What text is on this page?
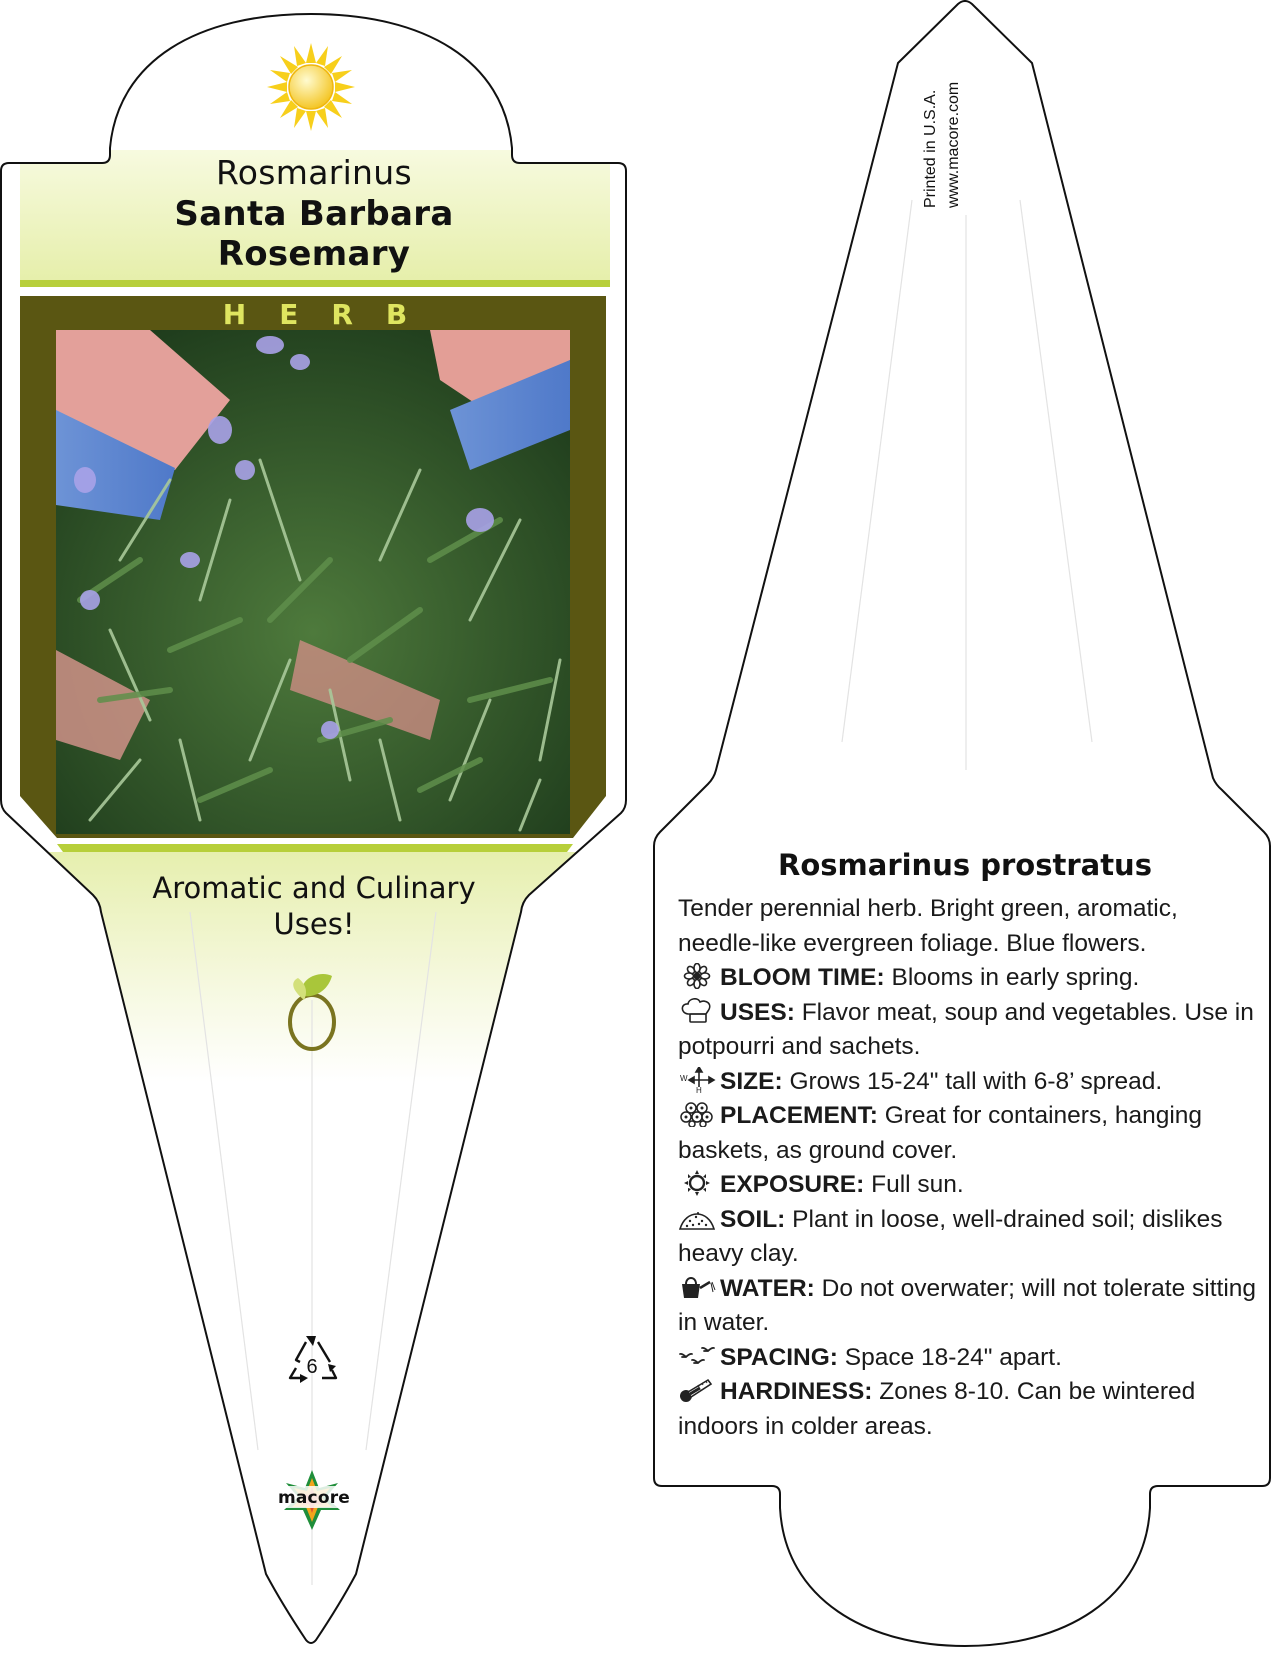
6

Rosmarinus

Santa Barbara

Rosemary

HERB

Aromatic and Culinary Uses!

macore

Printed in U.S.A. www.macore.com

Rosmarinus prostratus

Tender perennial herb. Bright green, aromatic, needle-like evergreen foliage. Blue flowers.

BLOOM TIME: Blooms in early spring.

USES: Flavor meat, soup and vegetables. Use in potpourri and sachets.

W
H SIZE: Grows 15-24" tall with 6-8’ spread.

PLACEMENT: Great for containers, hanging baskets, as ground cover.

EXPOSURE: Full sun.

SOIL: Plant in loose, well-drained soil; dislikes heavy clay.

WATER: Do not overwater; will not tolerate sitting in water.

SPACING: Space 18-24" apart.

HARDINESS: Zones 8-10. Can be wintered indoors in colder areas.
